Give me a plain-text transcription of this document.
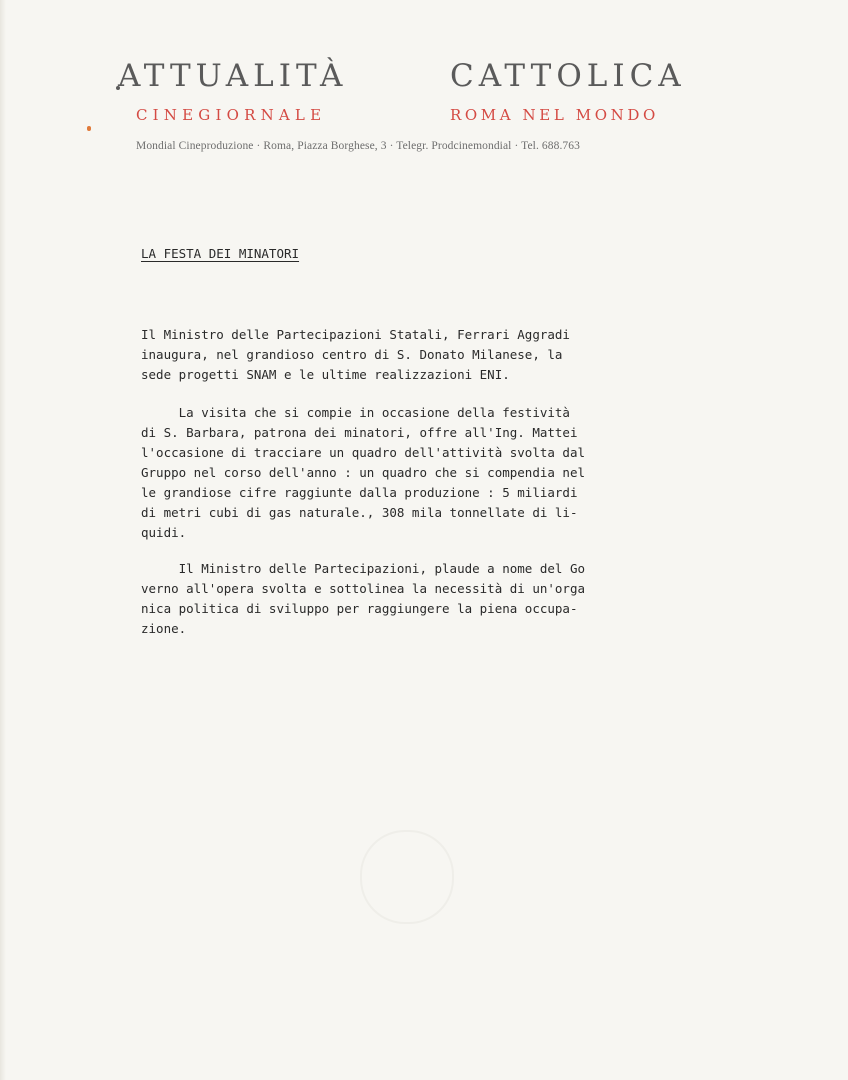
ATTUALITÀ	CATTOLICA
CINEGIORNALE	ROMA NEL MONDO
Mondial Cineproduzione · Roma, Piazza Borghese, 3 · Telegr. Prodcinemondial · Tel. 688.763
LA FESTA DEI MINATORI
Il Ministro delle Partecipazioni Statali, Ferrari Aggradi
inaugura, nel grandioso centro di S. Donato Milanese, la
sede progetti SNAM e le ultime realizzazioni ENI.
La visita che si compie in occasione della festività
di S. Barbara, patrona dei minatori, offre all'Ing. Mattei
l'occasione di tracciare un quadro dell'attività svolta dal
Gruppo nel corso dell'anno : un quadro che si compendia nel
le grandiose cifre raggiunte dalla produzione : 5 miliardi
di metri cubi di gas naturale., 308 mila tonnellate di li-
quidi.
Il Ministro delle Partecipazioni, plaude a nome del Go
verno all'opera svolta e sottolinea la necessità di un'orga
nica politica di sviluppo per raggiungere la piena occupa-
zione.
